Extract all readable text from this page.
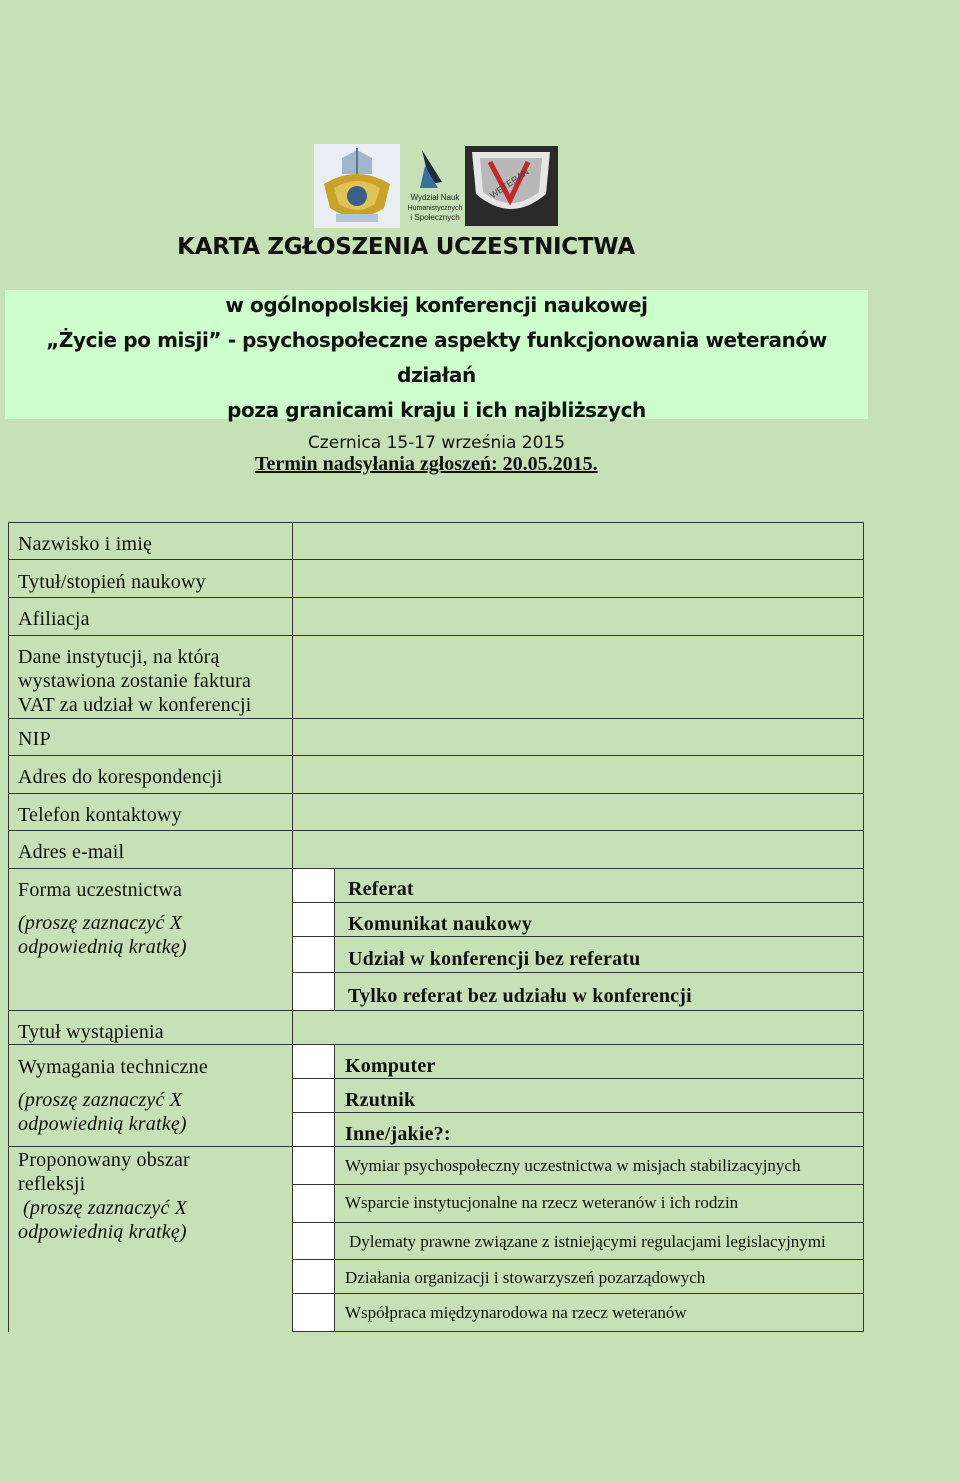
Wydział Nauk
Humanistycznych
i Społecznych
WETERAN
KARTA ZGŁOSZENIA UCZESTNICTWA
w ogólnopolskiej konferencji naukowej
„Życie po misji” - psychospołeczne aspekty funkcjonowania weteranów działań
poza granicami kraju i ich najbliższych
Czernica 15-17 września 2015
Termin nadsyłania zgłoszeń: 20.05.2015.
Nazwisko i imię
Tytuł/stopień naukowy
Afiliacja
Dane instytucji, na którą
wystawiona zostanie faktura
VAT za udział w konferencji
NIP
Adres do korespondencji
Telefon kontaktowy
Adres e-mail
Forma uczestnictwa
(proszę zaznaczyć X
odpowiednią kratkę)
Tytuł wystąpienia
Wymagania techniczne
(proszę zaznaczyć X
odpowiednią kratkę)
Proponowany obszar
refleksji
(proszę zaznaczyć X
odpowiednią kratkę)
Referat
Komunikat naukowy
Udział w konferencji bez referatu
Tylko referat bez udziału w konferencji
Komputer
Rzutnik
Inne/jakie?:
Wymiar psychospołeczny uczestnictwa w misjach stabilizacyjnych
Wsparcie instytucjonalne na rzecz weteranów i ich rodzin
Dylematy prawne związane z istniejącymi regulacjami legislacyjnymi
Działania organizacji i stowarzyszeń pozarządowych
Współpraca międzynarodowa na rzecz weteranów
